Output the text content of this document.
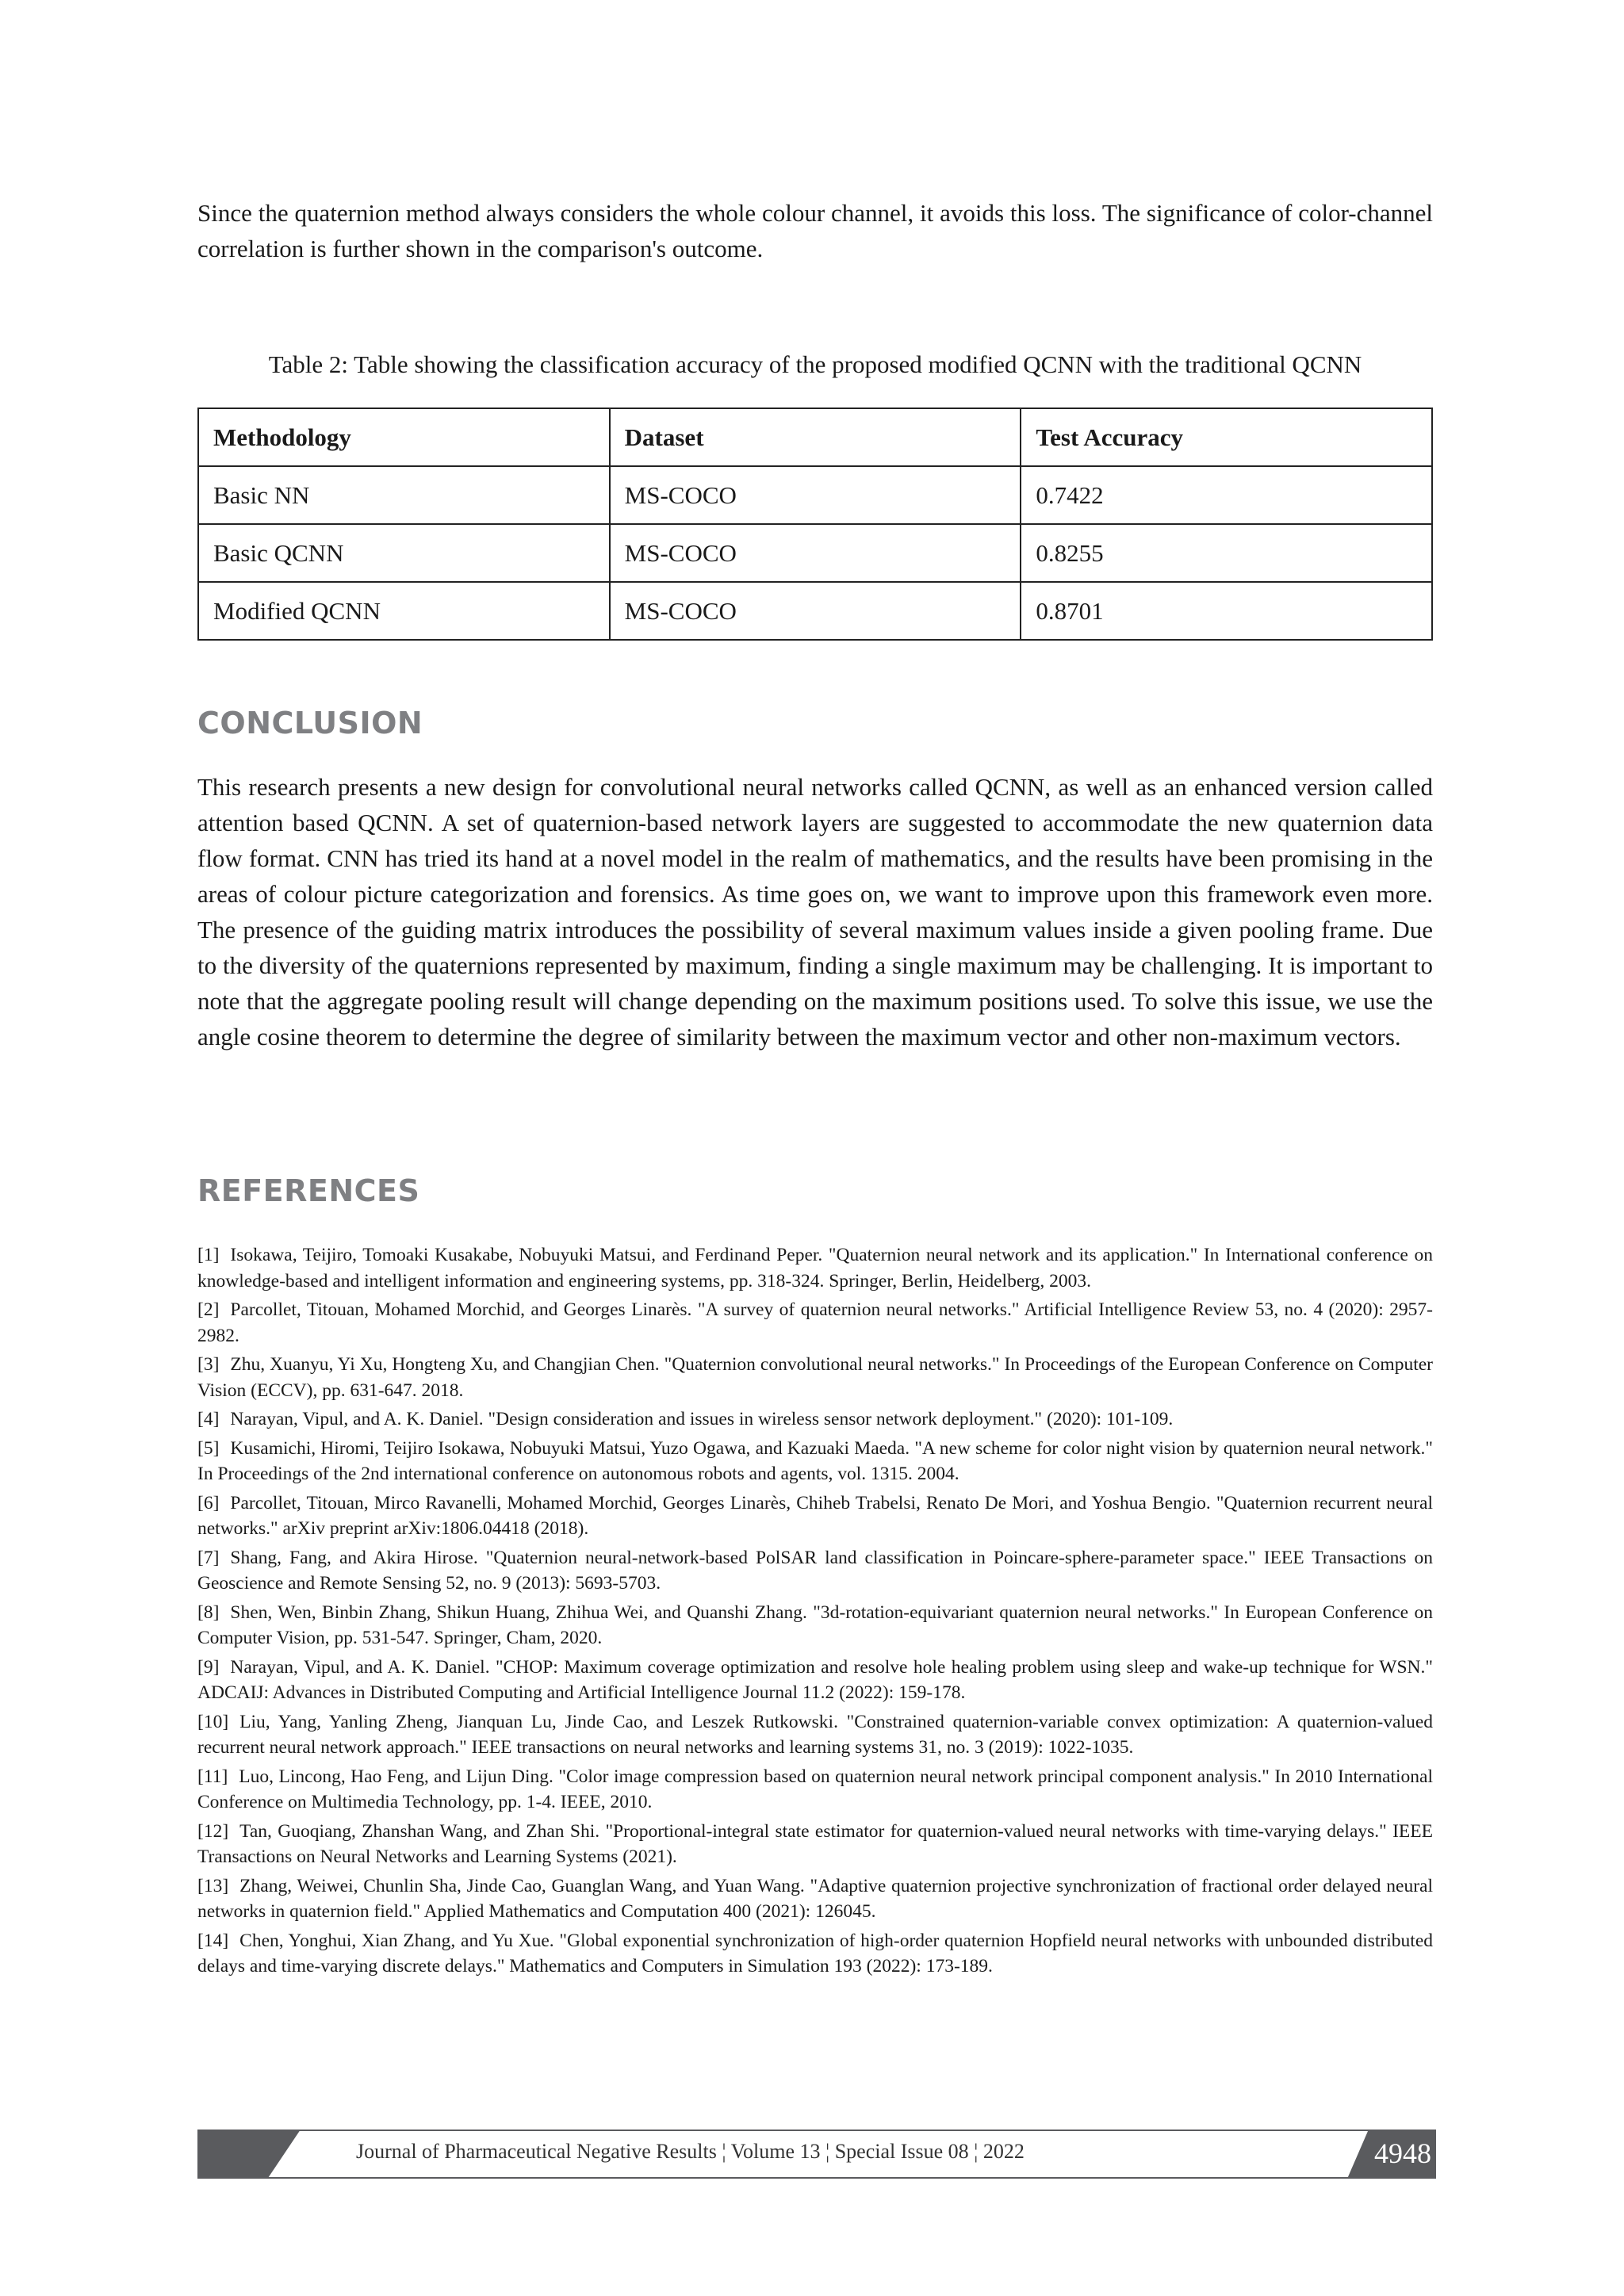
Since the quaternion method always considers the whole colour channel, it avoids this loss. The significance of color-channel correlation is further shown in the comparison's outcome.

Table 2: Table showing the classification accuracy of the proposed modified QCNN with the traditional QCNN

Methodology	Dataset	Test Accuracy
Basic NN	MS-COCO	0.7422
Basic QCNN	MS-COCO	0.8255
Modified QCNN	MS-COCO	0.8701
CONCLUSION

This research presents a new design for convolutional neural networks called QCNN, as well as an enhanced version called attention based QCNN. A set of quaternion-based network layers are suggested to accommodate the new quaternion data flow format. CNN has tried its hand at a novel model in the realm of mathematics, and the results have been promising in the areas of colour picture categorization and forensics. As time goes on, we want to improve upon this framework even more. The presence of the guiding matrix introduces the possibility of several maximum values inside a given pooling frame. Due to the diversity of the quaternions represented by maximum, finding a single maximum may be challenging. It is important to note that the aggregate pooling result will change depending on the maximum positions used. To solve this issue, we use the angle cosine theorem to determine the degree of similarity between the maximum vector and other non-maximum vectors.

REFERENCES
[1] Isokawa, Teijiro, Tomoaki Kusakabe, Nobuyuki Matsui, and Ferdinand Peper. "Quaternion neural network and its application." In International conference on knowledge-based and intelligent information and engineering systems, pp. 318-324. Springer, Berlin, Heidelberg, 2003.
[2] Parcollet, Titouan, Mohamed Morchid, and Georges Linarès. "A survey of quaternion neural networks." Artificial Intelligence Review 53, no. 4 (2020): 2957-2982.
[3] Zhu, Xuanyu, Yi Xu, Hongteng Xu, and Changjian Chen. "Quaternion convolutional neural networks." In Proceedings of the European Conference on Computer Vision (ECCV), pp. 631-647. 2018.
[4] Narayan, Vipul, and A. K. Daniel. "Design consideration and issues in wireless sensor network deployment." (2020): 101-109.
[5] Kusamichi, Hiromi, Teijiro Isokawa, Nobuyuki Matsui, Yuzo Ogawa, and Kazuaki Maeda. "A new scheme for color night vision by quaternion neural network." In Proceedings of the 2nd international conference on autonomous robots and agents, vol. 1315. 2004.
[6] Parcollet, Titouan, Mirco Ravanelli, Mohamed Morchid, Georges Linarès, Chiheb Trabelsi, Renato De Mori, and Yoshua Bengio. "Quaternion recurrent neural networks." arXiv preprint arXiv:1806.04418 (2018).
[7] Shang, Fang, and Akira Hirose. "Quaternion neural-network-based PolSAR land classification in Poincare-sphere-parameter space." IEEE Transactions on Geoscience and Remote Sensing 52, no. 9 (2013): 5693-5703.
[8] Shen, Wen, Binbin Zhang, Shikun Huang, Zhihua Wei, and Quanshi Zhang. "3d-rotation-equivariant quaternion neural networks." In European Conference on Computer Vision, pp. 531-547. Springer, Cham, 2020.
[9] Narayan, Vipul, and A. K. Daniel. "CHOP: Maximum coverage optimization and resolve hole healing problem using sleep and wake-up technique for WSN." ADCAIJ: Advances in Distributed Computing and Artificial Intelligence Journal 11.2 (2022): 159-178.
[10] Liu, Yang, Yanling Zheng, Jianquan Lu, Jinde Cao, and Leszek Rutkowski. "Constrained quaternion-variable convex optimization: A quaternion-valued recurrent neural network approach." IEEE transactions on neural networks and learning systems 31, no. 3 (2019): 1022-1035.
[11] Luo, Lincong, Hao Feng, and Lijun Ding. "Color image compression based on quaternion neural network principal component analysis." In 2010 International Conference on Multimedia Technology, pp. 1-4. IEEE, 2010.
[12] Tan, Guoqiang, Zhanshan Wang, and Zhan Shi. "Proportional-integral state estimator for quaternion-valued neural networks with time-varying delays." IEEE Transactions on Neural Networks and Learning Systems (2021).
[13] Zhang, Weiwei, Chunlin Sha, Jinde Cao, Guanglan Wang, and Yuan Wang. "Adaptive quaternion projective synchronization of fractional order delayed neural networks in quaternion field." Applied Mathematics and Computation 400 (2021): 126045.
[14] Chen, Yonghui, Xian Zhang, and Yu Xue. "Global exponential synchronization of high-order quaternion Hopfield neural networks with unbounded distributed delays and time-varying discrete delays." Mathematics and Computers in Simulation 193 (2022): 173-189.
Journal of Pharmaceutical Negative Results ¦ Volume 13 ¦ Special Issue 08 ¦ 2022	4948
